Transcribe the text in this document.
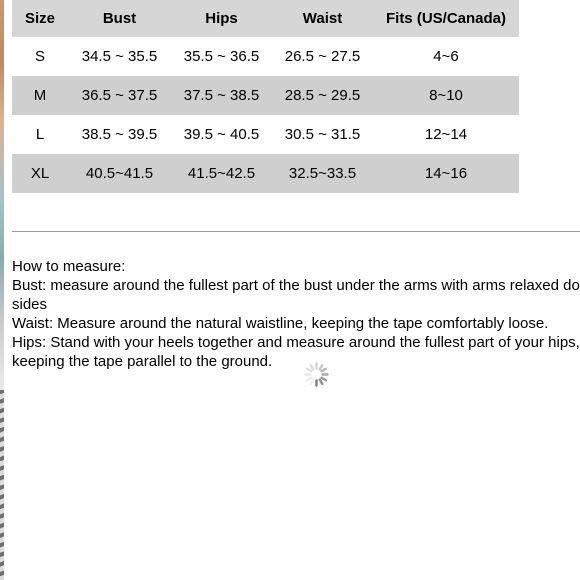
Size	Bust	Hips	Waist	Fits (US/Canada)
S	34.5 ~ 35.5	35.5 ~ 36.5	26.5 ~ 27.5	4~6
M	36.5 ~ 37.5	37.5 ~ 38.5	28.5 ~ 29.5	8~10
L	38.5 ~ 39.5	39.5 ~ 40.5	30.5 ~ 31.5	12~14
XL	40.5~41.5	41.5~42.5	32.5~33.5	14~16

How to measure:

Bust: measure around the fullest part of the bust under the arms with arms relaxed do

sides

Waist: Measure around the natural waistline, keeping the tape comfortably loose.

Hips: Stand with your heels together and measure around the fullest part of your hips,

keeping the tape parallel to the ground.
